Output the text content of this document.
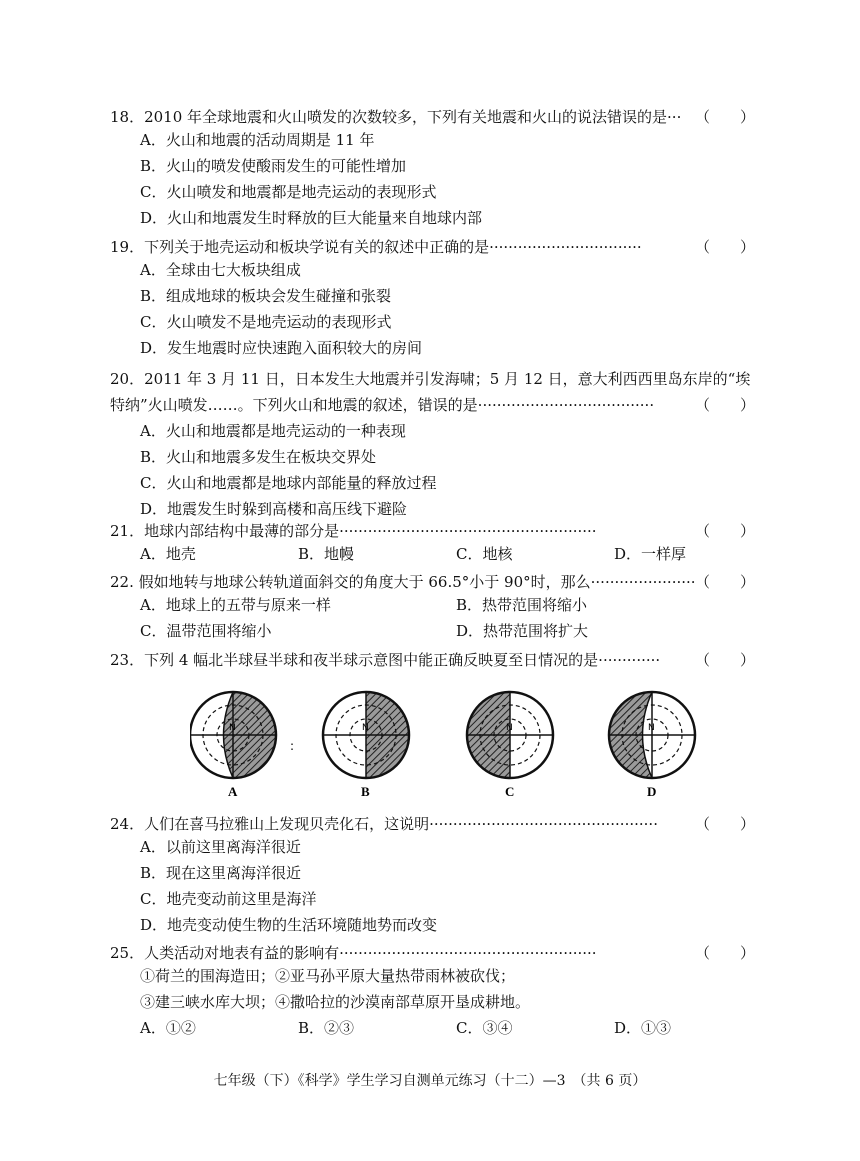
18．2010 年全球地震和火山喷发的次数较多，下列有关地震和火山的说法错误的是··· （　　）
A．火山和地震的活动周期是 11 年
B．火山的喷发使酸雨发生的可能性增加
C．火山喷发和地震都是地壳运动的表现形式
D．火山和地震发生时释放的巨大能量来自地球内部
19．下列关于地壳运动和板块学说有关的叙述中正确的是································	（　　）
A．全球由七大板块组成
B．组成地球的板块会发生碰撞和张裂
C．火山喷发不是地壳运动的表现形式
D．发生地震时应快速跑入面积较大的房间
20．2011 年 3 月 11 日，日本发生大地震并引发海啸；5 月 12 日，意大利西西里岛东岸的“埃
特纳”火山喷发……。下列火山和地震的叙述，错误的是·····································	（　　）
A．火山和地震都是地壳运动的一种表现
B．火山和地震多发生在板块交界处
C．火山和地震都是地球内部能量的释放过程
D．地震发生时躲到高楼和高压线下避险
21．地球内部结构中最薄的部分是······················································	（　　）
A．地壳	B．地幔	C．地核	D．一样厚
22. 假如地转与地球公转轨道面斜交的角度大于 66.5°小于 90°时，那么······················ （　　）
A．地球上的五带与原来一样	B．热带范围将缩小
C．温带范围将缩小	D．热带范围将扩大
23．下列 4 幅北半球昼半球和夜半球示意图中能正确反映夏至日情况的是············· （　　）
N
A
:
N
B
N
C
N
D
24．人们在喜马拉雅山上发现贝壳化石，这说明················································ （　　）
A．以前这里离海洋很近
B．现在这里离海洋很近
C．地壳变动前这里是海洋
D．地壳变动使生物的生活环境随地势而改变
25．人类活动对地表有益的影响有······················································	（　　）
①荷兰的围海造田；②亚马孙平原大量热带雨林被砍伐；
③建三峡水库大坝；④撒哈拉的沙漠南部草原开垦成耕地。
A．①②	B．②③	C．③④	D．①③
七年级（下）《科学》学生学习自测单元练习（十二）—3　（共 6 页）
